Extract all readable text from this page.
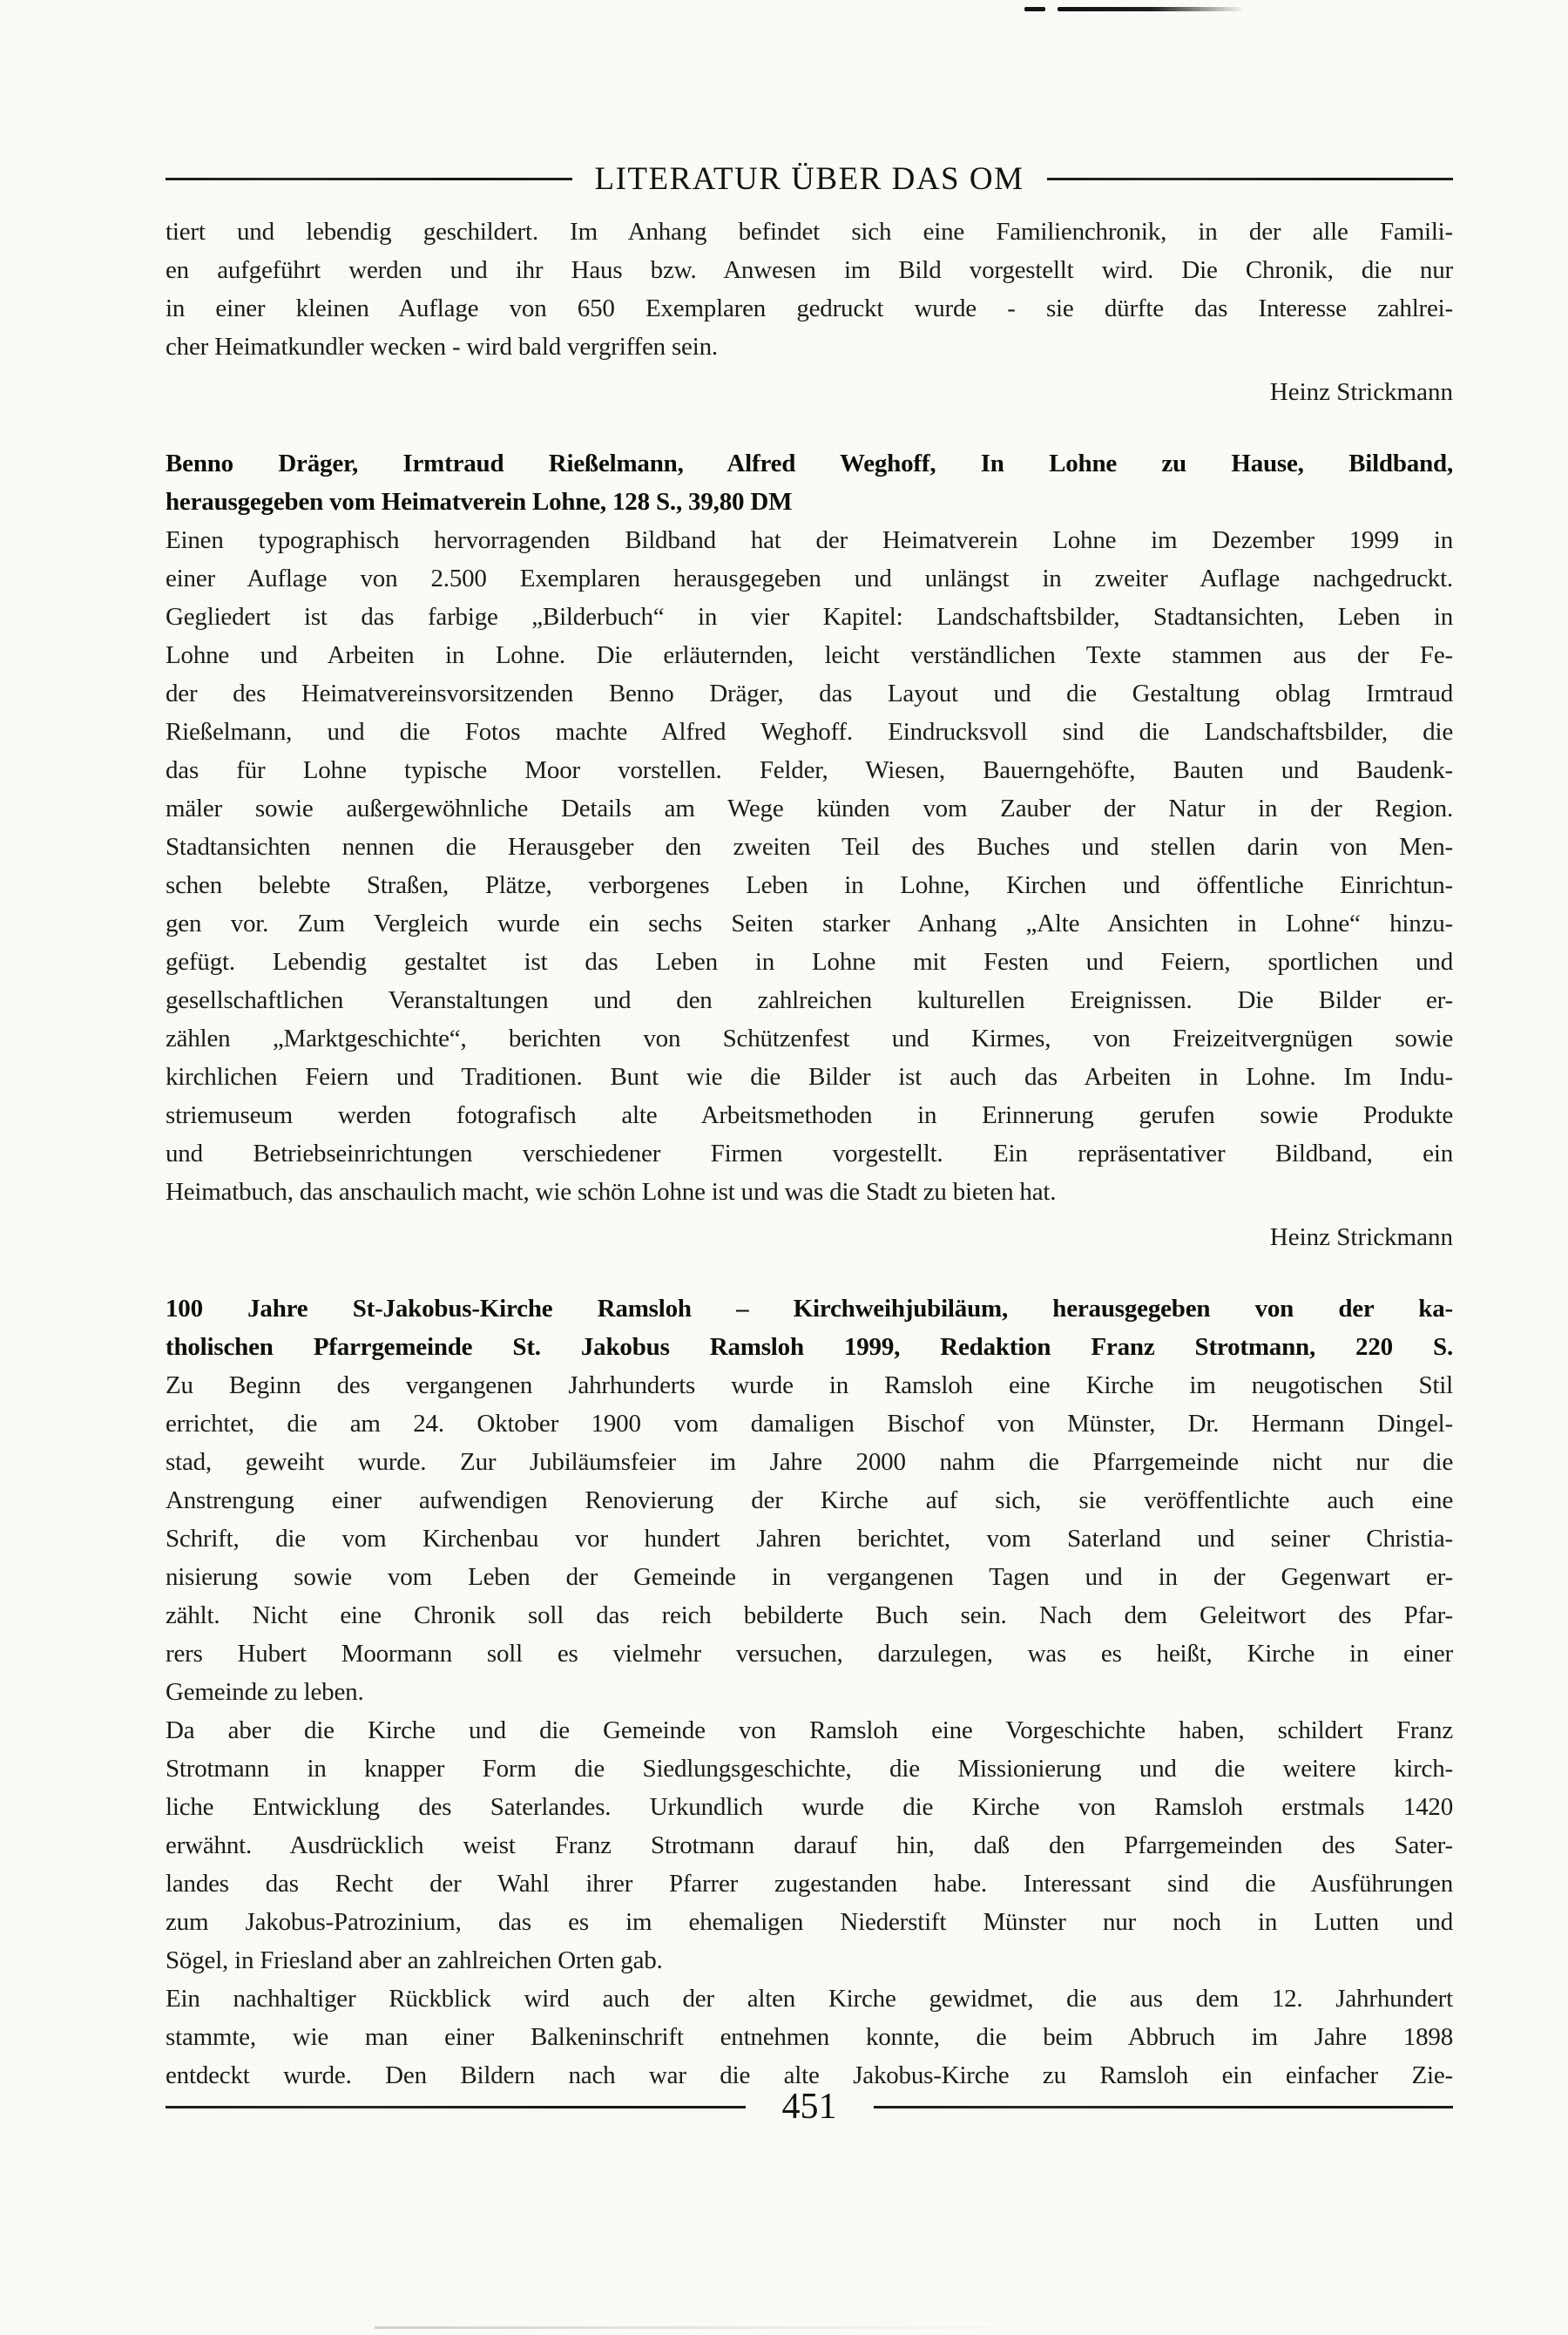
LITERATUR ÜBER DAS OM
tiert und lebendig geschildert. Im Anhang befindet sich eine Familienchronik, in der alle Famili-
en aufgeführt werden und ihr Haus bzw. Anwesen im Bild vorgestellt wird. Die Chronik, die nur
in einer kleinen Auflage von 650 Exemplaren gedruckt wurde - sie dürfte das Interesse zahlrei-
cher Heimatkundler wecken - wird bald vergriffen sein.
Heinz Strickmann
Benno Dräger, Irmtraud Rießelmann, Alfred Weghoff, In Lohne zu Hause, Bildband,
herausgegeben vom Heimatverein Lohne, 128 S., 39,80 DM
Einen typographisch hervorragenden Bildband hat der Heimatverein Lohne im Dezember 1999 in
einer Auflage von 2.500 Exemplaren herausgegeben und unlängst in zweiter Auflage nachgedruckt.
Gegliedert ist das farbige „Bilderbuch“ in vier Kapitel: Landschaftsbilder, Stadtansichten, Leben in
Lohne und Arbeiten in Lohne. Die erläuternden, leicht verständlichen Texte stammen aus der Fe-
der des Heimatvereinsvorsitzenden Benno Dräger, das Layout und die Gestaltung oblag Irmtraud
Rießelmann, und die Fotos machte Alfred Weghoff. Eindrucksvoll sind die Landschaftsbilder, die
das für Lohne typische Moor vorstellen. Felder, Wiesen, Bauerngehöfte, Bauten und Baudenk-
mäler sowie außergewöhnliche Details am Wege künden vom Zauber der Natur in der Region.
Stadtansichten nennen die Herausgeber den zweiten Teil des Buches und stellen darin von Men-
schen belebte Straßen, Plätze, verborgenes Leben in Lohne, Kirchen und öffentliche Einrichtun-
gen vor. Zum Vergleich wurde ein sechs Seiten starker Anhang „Alte Ansichten in Lohne“ hinzu-
gefügt. Lebendig gestaltet ist das Leben in Lohne mit Festen und Feiern, sportlichen und
gesellschaftlichen Veranstaltungen und den zahlreichen kulturellen Ereignissen. Die Bilder er-
zählen „Marktgeschichte“, berichten von Schützenfest und Kirmes, von Freizeitvergnügen sowie
kirchlichen Feiern und Traditionen. Bunt wie die Bilder ist auch das Arbeiten in Lohne. Im Indu-
striemuseum werden fotografisch alte Arbeitsmethoden in Erinnerung gerufen sowie Produkte
und Betriebseinrichtungen verschiedener Firmen vorgestellt. Ein repräsentativer Bildband, ein
Heimatbuch, das anschaulich macht, wie schön Lohne ist und was die Stadt zu bieten hat.
Heinz Strickmann
100 Jahre St-Jakobus-Kirche Ramsloh – Kirchweihjubiläum, herausgegeben von der ka-
tholischen Pfarrgemeinde St. Jakobus Ramsloh 1999, Redaktion Franz Strotmann, 220 S.
Zu Beginn des vergangenen Jahrhunderts wurde in Ramsloh eine Kirche im neugotischen Stil
errichtet, die am 24. Oktober 1900 vom damaligen Bischof von Münster, Dr. Hermann Dingel-
stad, geweiht wurde. Zur Jubiläumsfeier im Jahre 2000 nahm die Pfarrgemeinde nicht nur die
Anstrengung einer aufwendigen Renovierung der Kirche auf sich, sie veröffentlichte auch eine
Schrift, die vom Kirchenbau vor hundert Jahren berichtet, vom Saterland und seiner Christia-
nisierung sowie vom Leben der Gemeinde in vergangenen Tagen und in der Gegenwart er-
zählt. Nicht eine Chronik soll das reich bebilderte Buch sein. Nach dem Geleitwort des Pfar-
rers Hubert Moormann soll es vielmehr versuchen, darzulegen, was es heißt, Kirche in einer
Gemeinde zu leben.
Da aber die Kirche und die Gemeinde von Ramsloh eine Vorgeschichte haben, schildert Franz
Strotmann in knapper Form die Siedlungsgeschichte, die Missionierung und die weitere kirch-
liche Entwicklung des Saterlandes. Urkundlich wurde die Kirche von Ramsloh erstmals 1420
erwähnt. Ausdrücklich weist Franz Strotmann darauf hin, daß den Pfarrgemeinden des Sater-
landes das Recht der Wahl ihrer Pfarrer zugestanden habe. Interessant sind die Ausführungen
zum Jakobus-Patrozinium, das es im ehemaligen Niederstift Münster nur noch in Lutten und
Sögel, in Friesland aber an zahlreichen Orten gab.
Ein nachhaltiger Rückblick wird auch der alten Kirche gewidmet, die aus dem 12. Jahrhundert
stammte, wie man einer Balkeninschrift entnehmen konnte, die beim Abbruch im Jahre 1898
entdeckt wurde. Den Bildern nach war die alte Jakobus-Kirche zu Ramsloh ein einfacher Zie-
451
